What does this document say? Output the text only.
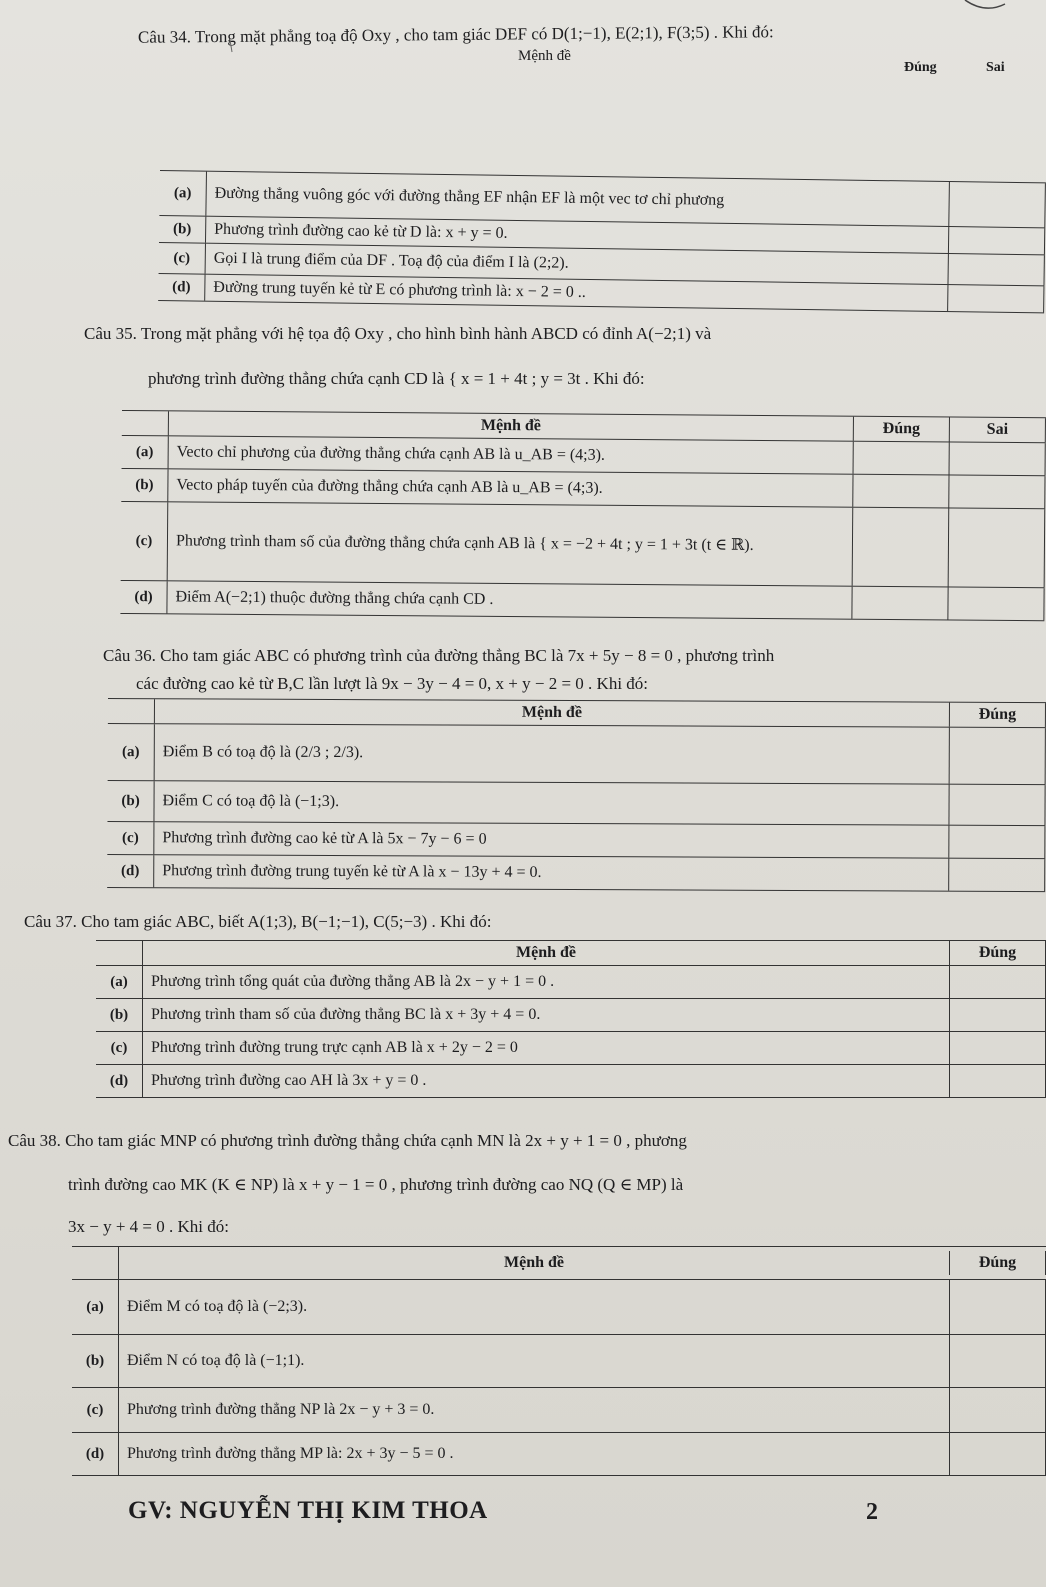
Câu 34. Trong mặt phẳng toạ độ Oxy , cho tam giác DEF có D(1;−1), E(2;1), F(3;5) . Khi đó:
Mệnh đề
Đúng	Sai
(a)	Đường thẳng vuông góc với đường thẳng EF nhận EF là một vec tơ chỉ phương
(b)	Phương trình đường cao kẻ từ D là: x + y = 0.
(c)	Gọi I là trung điểm của DF . Toạ độ của điểm I là (2;2).
(d)	Đường trung tuyến kẻ từ E có phương trình là: x − 2 = 0 ..
Câu 35. Trong mặt phẳng với hệ tọa độ Oxy , cho hình bình hành ABCD có đỉnh A(−2;1) và
phương trình đường thẳng chứa cạnh CD là { x = 1 + 4t ; y = 3t . Khi đó:
Mệnh đề	Đúng	Sai
(a)	Vecto chỉ phương của đường thẳng chứa cạnh AB là u_AB = (4;3).
(b)	Vecto pháp tuyến của đường thẳng chứa cạnh AB là u_AB = (4;3).
(c)	Phương trình tham số của đường thẳng chứa cạnh AB là { x = −2 + 4t ; y = 1 + 3t (t ∈ ℝ).
(d)	Điểm A(−2;1) thuộc đường thẳng chứa cạnh CD .
Câu 36. Cho tam giác ABC có phương trình của đường thẳng BC là 7x + 5y − 8 = 0 , phương trình
các đường cao kẻ từ B,C lần lượt là 9x − 3y − 4 = 0, x + y − 2 = 0 . Khi đó:
Mệnh đề	Đúng
(a)	Điểm B có toạ độ là (2/3 ; 2/3).
(b)	Điểm C có toạ độ là (−1;3).
(c)	Phương trình đường cao kẻ từ A là 5x − 7y − 6 = 0
(d)	Phương trình đường trung tuyến kẻ từ A là x − 13y + 4 = 0.
Câu 37. Cho tam giác ABC, biết A(1;3), B(−1;−1), C(5;−3) . Khi đó:
Mệnh đề	Đúng
(a)	Phương trình tổng quát của đường thẳng AB là 2x − y + 1 = 0 .
(b)	Phương trình tham số của đường thẳng BC là x + 3y + 4 = 0.
(c)	Phương trình đường trung trực cạnh AB là x + 2y − 2 = 0
(d)	Phương trình đường cao AH là 3x + y = 0 .
Câu 38. Cho tam giác MNP có phương trình đường thẳng chứa cạnh MN là 2x + y + 1 = 0 , phương
trình đường cao MK (K ∈ NP) là x + y − 1 = 0 , phương trình đường cao NQ (Q ∈ MP) là
3x − y + 4 = 0 . Khi đó:
Mệnh đề	Đúng
(a)	Điểm M có toạ độ là (−2;3).
(b)	Điểm N có toạ độ là (−1;1).
(c)	Phương trình đường thẳng NP là 2x − y + 3 = 0.
(d)	Phương trình đường thẳng MP là: 2x + 3y − 5 = 0 .
GV: NGUYỄN THỊ KIM THOA	2
